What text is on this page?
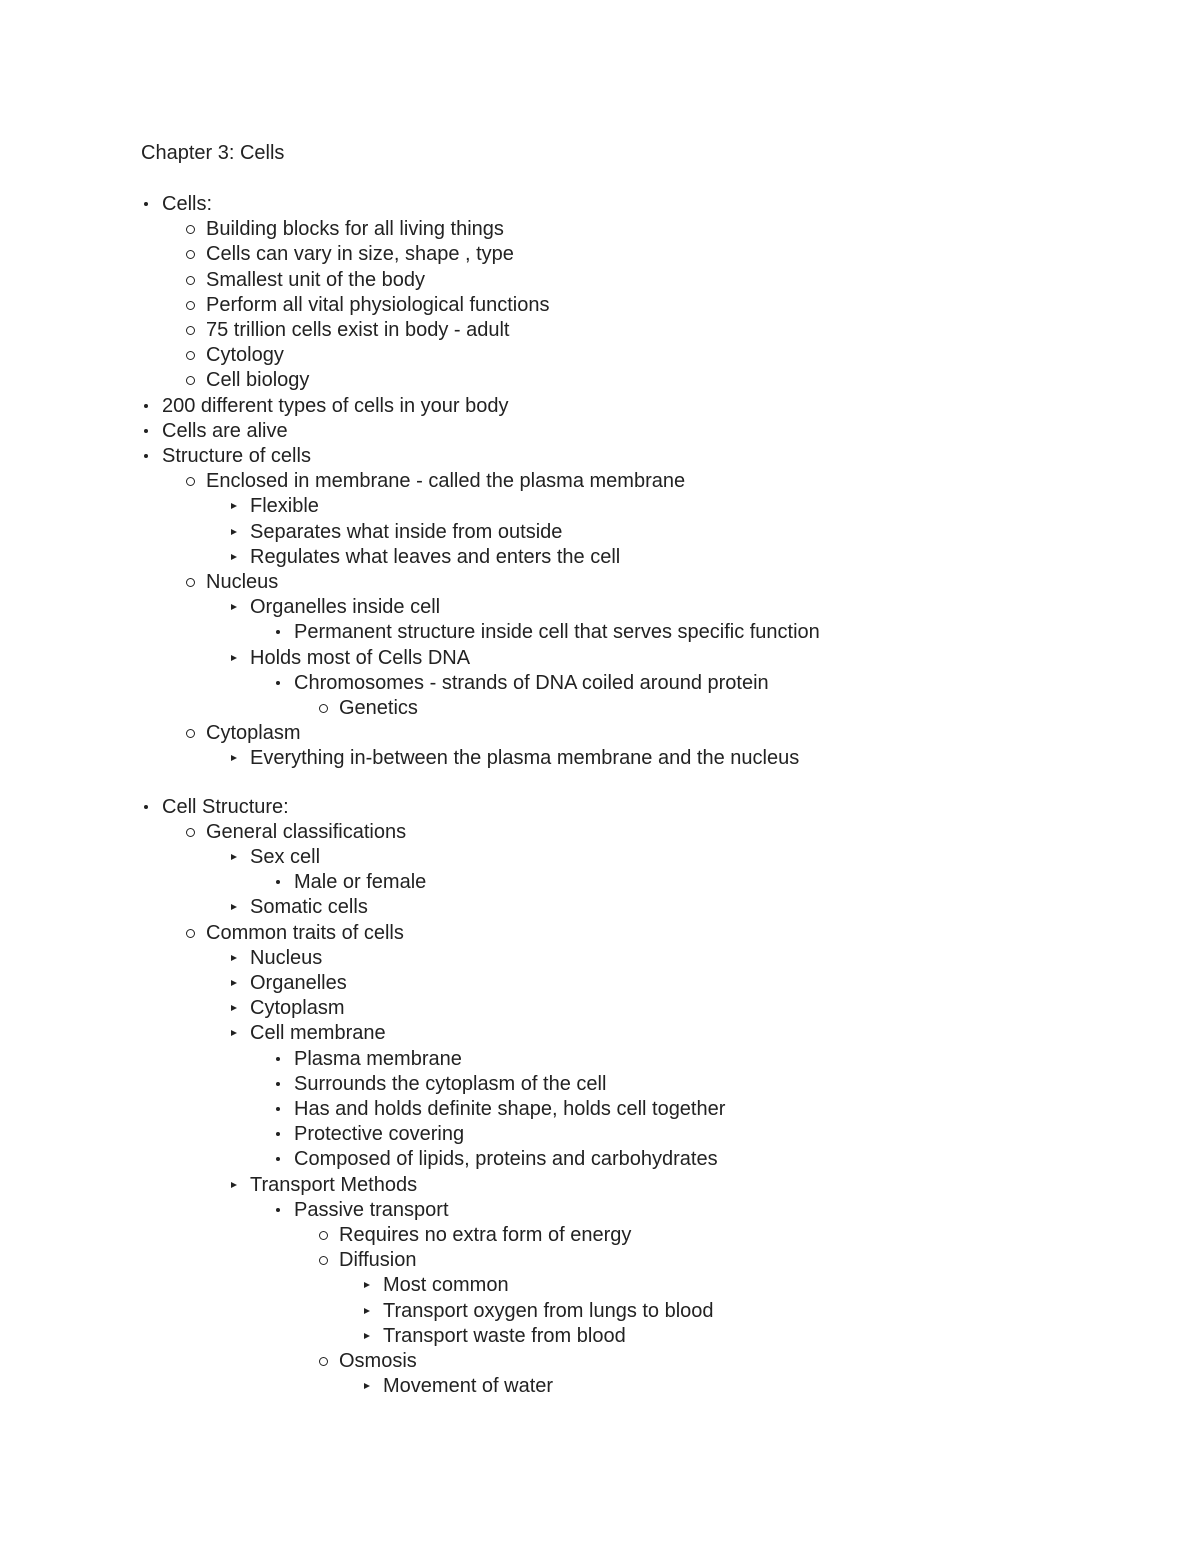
Chapter 3: Cells
Cells:
Building blocks for all living things
Cells can vary in size, shape , type
Smallest unit of the body
Perform all vital physiological functions
75 trillion cells exist in body - adult
Cytology
Cell biology
200 different types of cells in your body
Cells are alive
Structure of cells
Enclosed in membrane - called the plasma membrane
Flexible
Separates what inside from outside
Regulates what leaves and enters the cell
Nucleus
Organelles inside cell
Permanent structure inside cell that serves specific function
Holds most of Cells DNA
Chromosomes - strands of DNA coiled around protein
Genetics
Cytoplasm
Everything in-between the plasma membrane and the nucleus
Cell Structure:
General classifications
Sex cell
Male or female
Somatic cells
Common traits of cells
Nucleus
Organelles
Cytoplasm
Cell membrane
Plasma membrane
Surrounds the cytoplasm of the cell
Has and holds definite shape, holds cell together
Protective covering
Composed of lipids, proteins and carbohydrates
Transport Methods
Passive transport
Requires no extra form of energy
Diffusion
Most common
Transport oxygen from lungs to blood
Transport waste from blood
Osmosis
Movement of water
